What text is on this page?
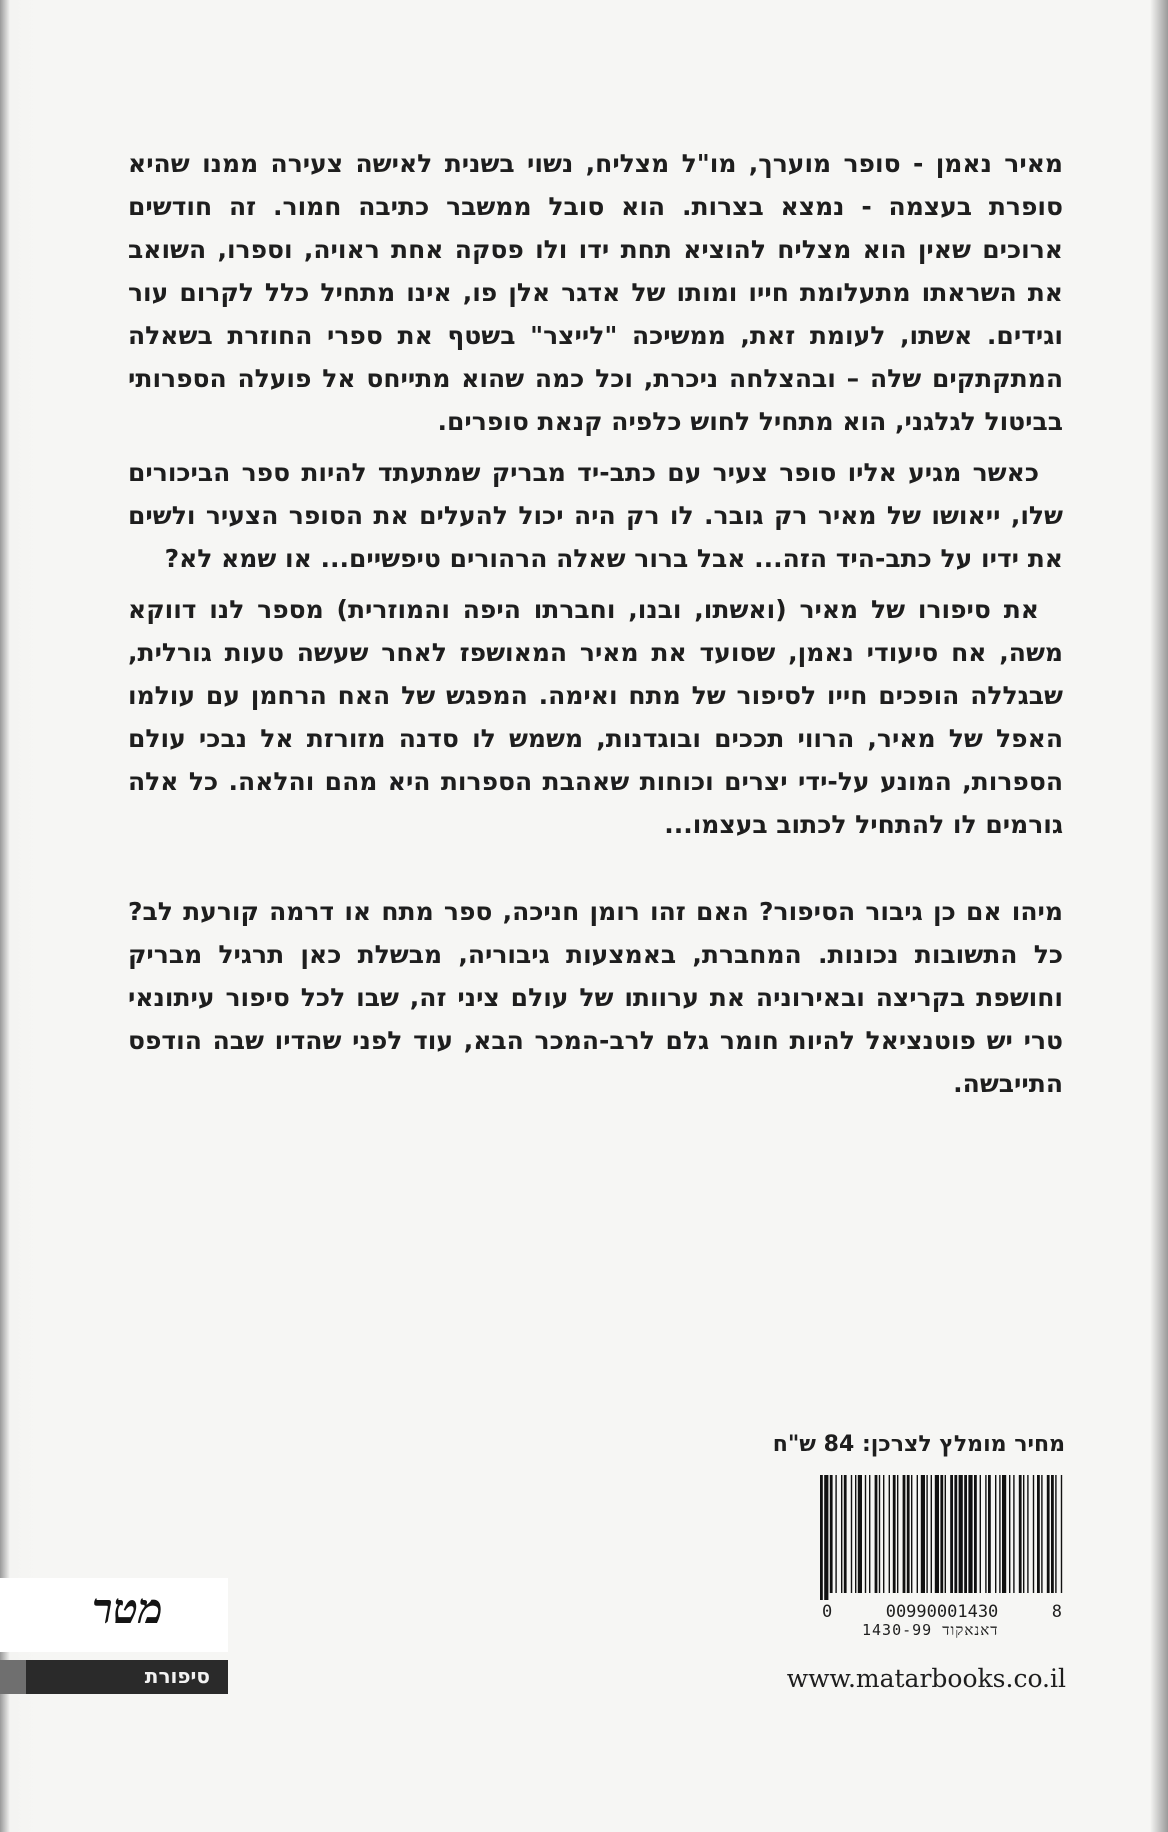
מאיר נאמן - סופר מוערך, מו"ל מצליח, נשוי בשנית לאישה צעירה ממנו שהיא סופרת בעצמה - נמצא בצרות. הוא סובל ממשבר כתיבה חמור. זה חודשים ארוכים שאין הוא מצליח להוציא תחת ידו ולו פסקה אחת ראויה, וספרו, השואב את השראתו מתעלומת חייו ומותו של אדגר אלן פו, אינו מתחיל כלל לקרום עור וגידים. אשתו, לעומת זאת, ממשיכה "לייצר" בשטף את ספרי החוזרת בשאלה המתקתקים שלה – ובהצלחה ניכרת, וכל כמה שהוא מתייחס אל פועלה הספרותי בביטול לגלגני, הוא מתחיל לחוש כלפיה קנאת סופרים.

כאשר מגיע אליו סופר צעיר עם כתב-יד מבריק שמתעתד להיות ספר הביכורים שלו, ייאושו של מאיר רק גובר. לו רק היה יכול להעלים את הסופר הצעיר ולשים את ידיו על כתב-היד הזה... אבל ברור שאלה הרהורים טיפשיים... או שמא לא?

את סיפורו של מאיר (ואשתו, ובנו, וחברתו היפה והמוזרית) מספר לנו דווקא משה, אח סיעודי נאמן, שסועד את מאיר המאושפז לאחר שעשה טעות גורלית, שבגללה הופכים חייו לסיפור של מתח ואימה. המפגש של האח הרחמן עם עולמו האפל של מאיר, הרווי תככים ובוגדנות, משמש לו סדנה מזורזת אל נבכי עולם הספרות, המונע על-ידי יצרים וכוחות שאהבת הספרות היא מהם והלאה. כל אלה גורמים לו להתחיל לכתוב בעצמו...

מיהו אם כן גיבור הסיפור? האם זהו רומן חניכה, ספר מתח או דרמה קורעת לב? כל התשובות נכונות. המחברת, באמצעות גיבוריה, מבשלת כאן תרגיל מבריק וחושפת בקריצה ובאירוניה את ערוותו של עולם ציני זה, שבו לכל סיפור עיתונאי טרי יש פוטנציאל להיות חומר גלם לרב-המכר הבא, עוד לפני שהדיו שבה הודפס התייבשה.

מחיר מומלץ לצרכן: 84 ש"ח
0	00990001430	8
דאנאקוד 1430-99
מטר
סיפורת	www.matarbooks.co.il
